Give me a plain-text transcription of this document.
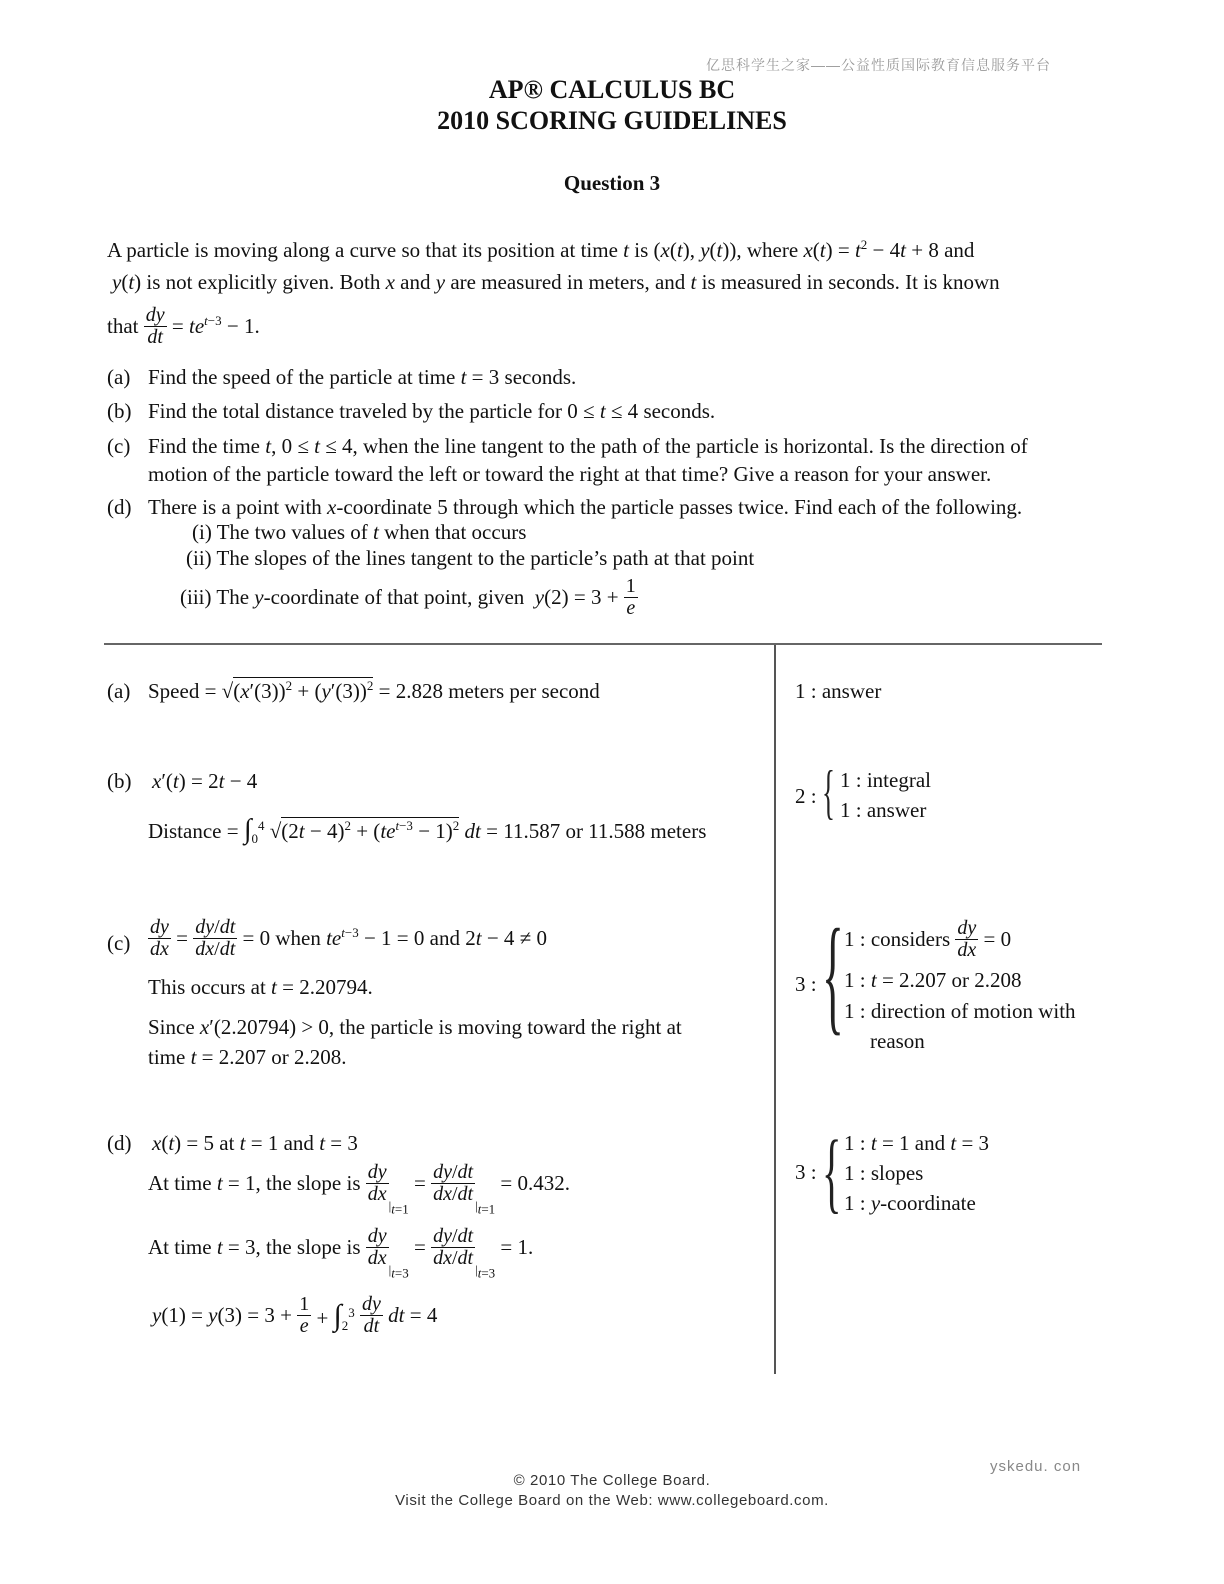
亿思科学生之家——公益性质国际教育信息服务平台
AP® CALCULUS BC
2010 SCORING GUIDELINES
Question 3
A particle is moving along a curve so that its position at time t is (x(t), y(t)), where $x(t) = t^2 - 4t + 8$ and
y(t) is not explicitly given. Both x and y are measured in meters, and t is measured in seconds. It is known
that $\frac{dy}{dt} = te^{t-3} - 1$.
(a) Find the speed of the particle at time t = 3 seconds.
(b) Find the total distance traveled by the particle for 0 ≤ t ≤ 4 seconds.
(c) Find the time t, 0 ≤ t ≤ 4, when the line tangent to the path of the particle is horizontal. Is the direction of
motion of the particle toward the left or toward the right at that time? Give a reason for your answer.
(d) There is a point with x-coordinate 5 through which the particle passes twice. Find each of the following.
(i) The two values of t when that occurs
(ii) The slopes of the lines tangent to the particle’s path at that point
(iii) The y-coordinate of that point, given $y(2) = 3 + \frac{1}{e}$
(a) Speed = $√(x'(3))^2 + (y'(3))^2 = 2.828$ meters per second	1 : answer
(b) x′(t) = 2t − 4
Distance = $\int_0^4$ $√(2t - 4)^2 + (te^{t-3} - 1)^2$ dt = 11.587 or 11.588 meters
2 : { 1 : integral
1 : answer
$(c) \frac{dy}{dx} = \frac{dy/dt}{dx/dt} = 0$ when $te^{t-3} - 1 = 0$ and 2t − 4 ≠ 0
This occurs at t = 2.20794.
Since x′(2.20794) > 0, the particle is moving toward the right at
time t = 2.207 or 2.208.
3 : { 1 : considers $\frac{dy}{dx} = 0$
1 : t = 2.207 or 2.208
1 : direction of motion with
reason
(d) x(t) = 5 at t = 1 and t = 3
At time t = 1, the slope is $\frac{dy}{dx}$
$_{|_{t=1}} = \frac{dy/dt}{dx/dt}$
$_{|_{t=1}}$ = 0.432.
At time t = 3, the slope is $\frac{dy}{dx}$
$_{|_{t=3}} = \frac{dy/dt}{dx/dt}$
$_{|_{t=3}}$ = 1.
$y(1) = y(3) = 3 + \frac{1}{e} + \int_2^3 \frac{dy}{dt}$ dt = 4
3 : { 1 : t = 1 and t = 3
1 : slopes
1 : y-coordinate
yskedu. con
© 2010 The College Board.
Visit the College Board on the Web: www.collegeboard.com.
